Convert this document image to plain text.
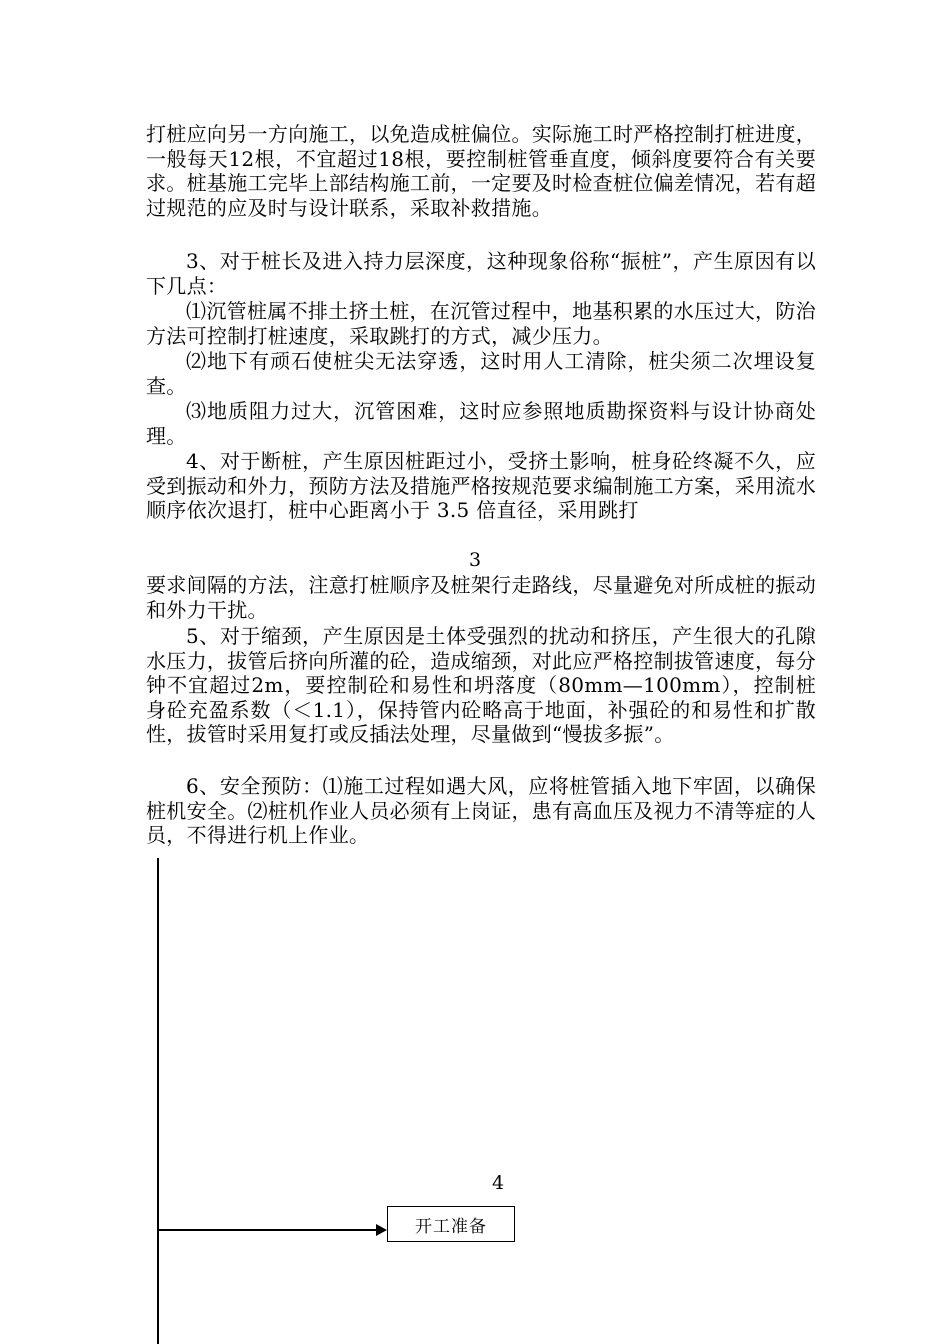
打桩应向另一方向施工，以免造成桩偏位。实际施工时严格控制打桩进度，一般每天12根，不宜超过18根，要控制桩管垂直度，倾斜度要符合有关要求。桩基施工完毕上部结构施工前，一定要及时检查桩位偏差情况，若有超过规范的应及时与设计联系，采取补救措施。

3、对于桩长及进入持力层深度，这种现象俗称“振桩”，产生原因有以下几点：

⑴沉管桩属不排土挤土桩，在沉管过程中，地基积累的水压过大，防治方法可控制打桩速度，采取跳打的方式，减少压力。

⑵地下有顽石使桩尖无法穿透，这时用人工清除，桩尖须二次埋设复查。

⑶地质阻力过大，沉管困难，这时应参照地质勘探资料与设计协商处理。

4、对于断桩，产生原因桩距过小，受挤土影响，桩身砼终凝不久，应受到振动和外力，预防方法及措施严格按规范要求编制施工方案，采用流水顺序依次退打，桩中心距离小于 3.5 倍直径，采用跳打

3

要求间隔的方法，注意打桩顺序及桩架行走路线，尽量避免对所成桩的振动和外力干扰。

5、对于缩颈，产生原因是土体受强烈的扰动和挤压，产生很大的孔隙水压力，拔管后挤向所灌的砼，造成缩颈，对此应严格控制拔管速度，每分钟不宜超过2m，要控制砼和易性和坍落度（80mm—100mm），控制桩身砼充盈系数（＜1.1），保持管内砼略高于地面，补强砼的和易性和扩散性，拔管时采用复打或反插法处理，尽量做到“慢拔多振”。

6、安全预防：⑴施工过程如遇大风，应将桩管插入地下牢固，以确保桩机安全。⑵桩机作业人员必须有上岗证，患有高血压及视力不清等症的人员，不得进行机上作业。

4
开工准备
